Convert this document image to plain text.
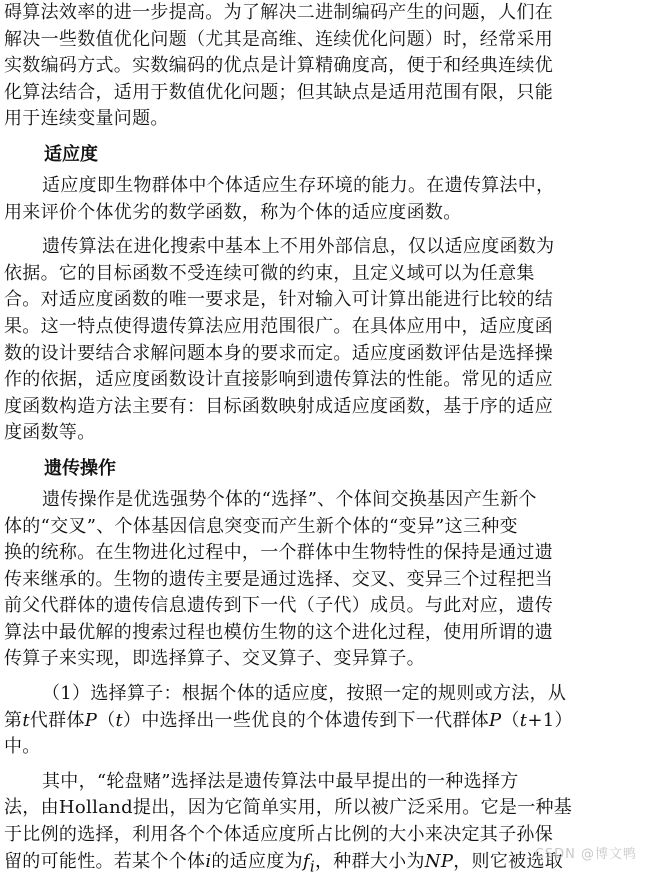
碍算法效率的进一步提高。为了解决二进制编码产生的问题，人们在
解决一些数值优化问题（尤其是高维、连续优化问题）时，经常采用
实数编码方式。实数编码的优点是计算精确度高，便于和经典连续优
化算法结合，适用于数值优化问题；但其缺点是适用范围有限，只能
用于连续变量问题。
适应度
适应度即生物群体中个体适应生存环境的能力。在遗传算法中，
用来评价个体优劣的数学函数，称为个体的适应度函数。
遗传算法在进化搜索中基本上不用外部信息，仅以适应度函数为
依据。它的目标函数不受连续可微的约束，且定义域可以为任意集
合。对适应度函数的唯一要求是，针对输入可计算出能进行比较的结
果。这一特点使得遗传算法应用范围很广。在具体应用中，适应度函
数的设计要结合求解问题本身的要求而定。适应度函数评估是选择操
作的依据，适应度函数设计直接影响到遗传算法的性能。常见的适应
度函数构造方法主要有：目标函数映射成适应度函数，基于序的适应
度函数等。
遗传操作
遗传操作是优选强势个体的“选择”、个体间交换基因产生新个
体的“交叉”、个体基因信息突变而产生新个体的“变异”这三种变
换的统称。在生物进化过程中，一个群体中生物特性的保持是通过遗
传来继承的。生物的遗传主要是通过选择、交叉、变异三个过程把当
前父代群体的遗传信息遗传到下一代（子代）成员。与此对应，遗传
算法中最优解的搜索过程也模仿生物的这个进化过程，使用所谓的遗
传算子来实现，即选择算子、交叉算子、变异算子。
（1）选择算子：根据个体的适应度，按照一定的规则或方法，从
第t代群体P（t）中选择出一些优良的个体遗传到下一代群体P（t+1）
中。
其中，“轮盘赌”选择法是遗传算法中最早提出的一种选择方
法，由Holland提出，因为它简单实用，所以被广泛采用。它是一种基
于比例的选择，利用各个个体适应度所占比例的大小来决定其子孙保
留的可能性。若某个个体i的适应度为$f_i$，种群大小为NP，则它被选取
CSDN @博文鸭
